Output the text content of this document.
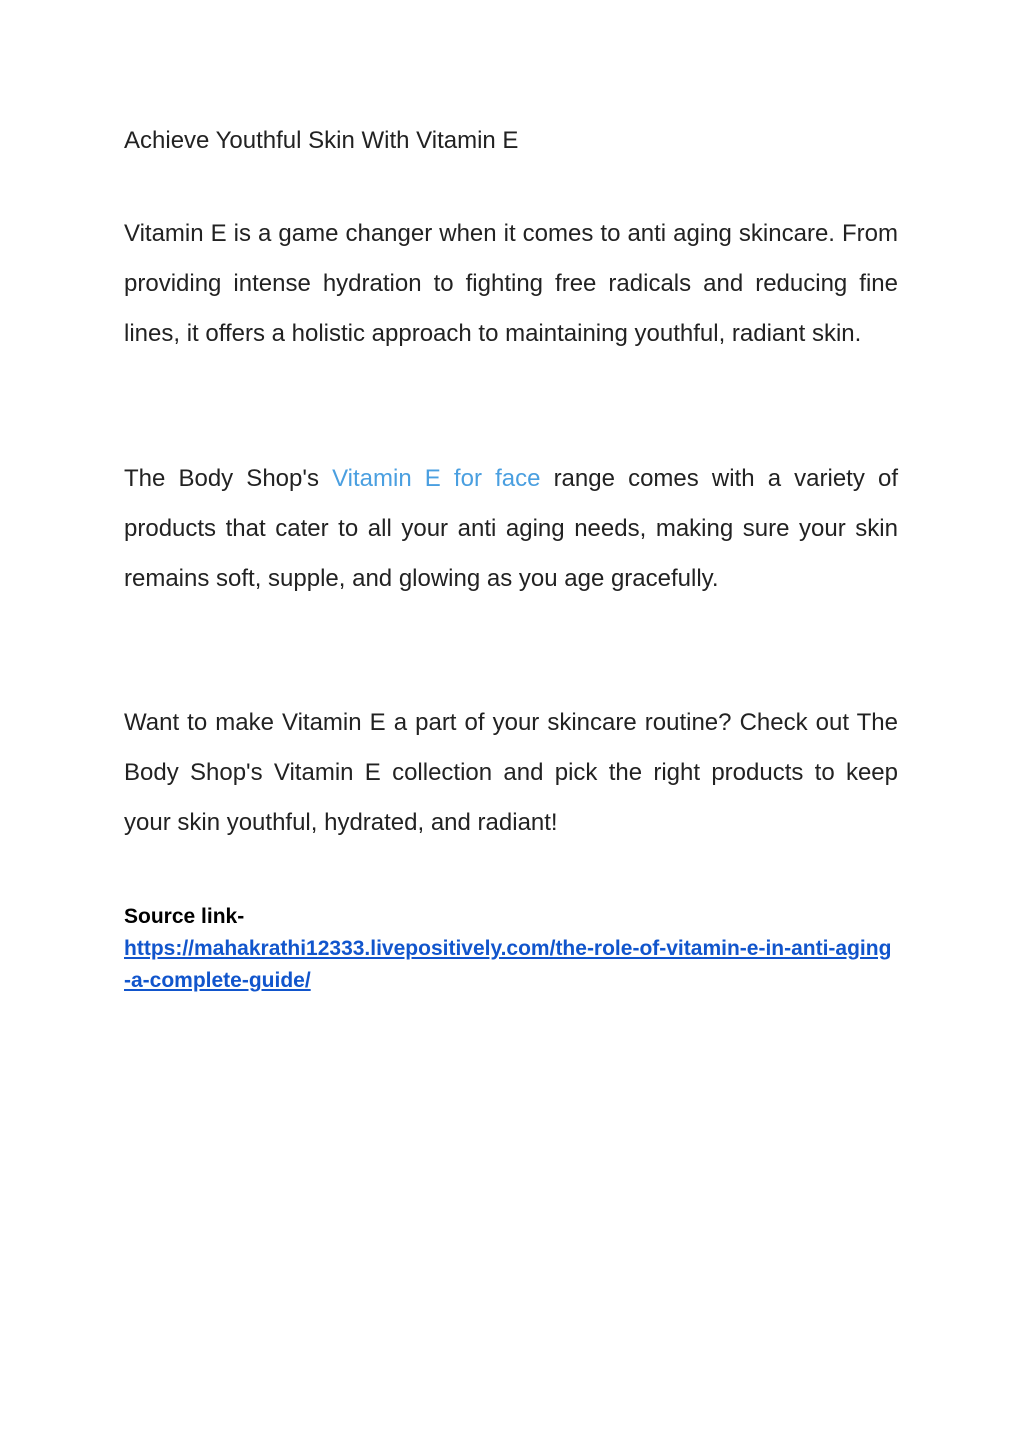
Achieve Youthful Skin With Vitamin E

Vitamin E is a game changer when it comes to anti aging skincare. From providing intense hydration to fighting free radicals and reducing fine lines, it offers a holistic approach to maintaining youthful, radiant skin.

The Body Shop's Vitamin E for face range comes with a variety of products that cater to all your anti aging needs, making sure your skin remains soft, supple, and glowing as you age gracefully.

Want to make Vitamin E a part of your skincare routine? Check out The Body Shop's Vitamin E collection and pick the right products to keep your skin youthful, hydrated, and radiant!

Source link-
https://mahakrathi12333.livepositively.com/the-role-of-vitamin-e-in-anti-aging-a-complete-guide/
